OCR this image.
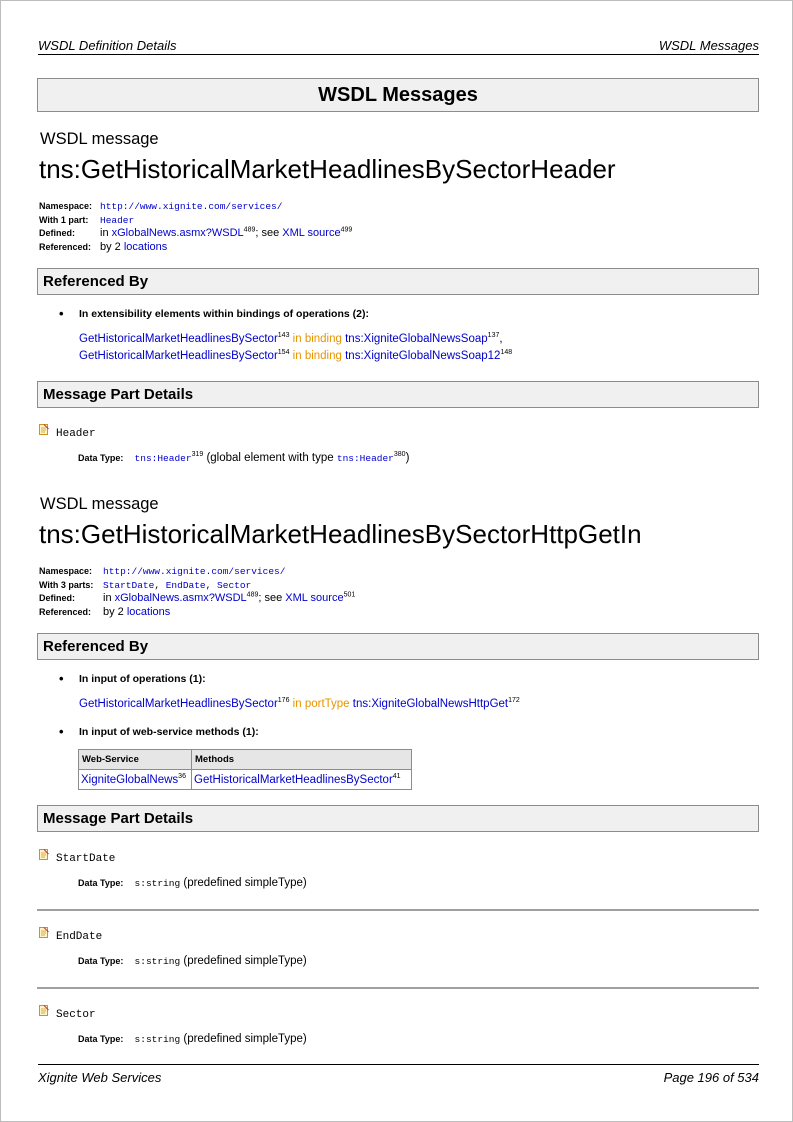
WSDL Definition Details	WSDL Messages
WSDL Messages
WSDL message
tns:GetHistoricalMarketHeadlinesBySectorHeader
Namespace: http://www.xignite.com/services/
With 1 part: Header
Defined: in xGlobalNews.asmx?WSDL$^{489}$; see XML source$^{499}$
Referenced: by 2 locations
Referenced By
• In extensibility elements within bindings of operations (2):
GetHistoricalMarketHeadlinesBySector$^{143}$ in binding tns:XigniteGlobalNewsSoap$^{137}$,
GetHistoricalMarketHeadlinesBySector$^{154}$ in binding $tns:XigniteGlobalNewsSoap12^{148}$
Message Part Details
Header
Data Type: tns:Header$^{319}$ (global element with type tns:Header$^{380}$)
WSDL message
tns:GetHistoricalMarketHeadlinesBySectorHttpGetIn
Namespace: http://www.xignite.com/services/
With 3 parts: StartDate, EndDate, Sector
Defined:	in xGlobalNews.asmx?WSDL$^{489}$; see XML source$^{501}$
Referenced: by 2 locations
Referenced By
• In input of operations (1):
GetHistoricalMarketHeadlinesBySector$^{176}$ in portType tns:XigniteGlobalNewsHttpGet$^{172}$
• In input of web-service methods (1):
Web-Service	Methods
XigniteGlobalNews$^{36}$	GetHistoricalMarketHeadlinesBySector$^{41}$
Message Part Details
StartDate
Data Type: s:string (predefined simpleType)
EndDate
Data Type: s:string (predefined simpleType)
Sector
Data Type: s:string (predefined simpleType)
Xignite Web Services	Page 196 of 534
